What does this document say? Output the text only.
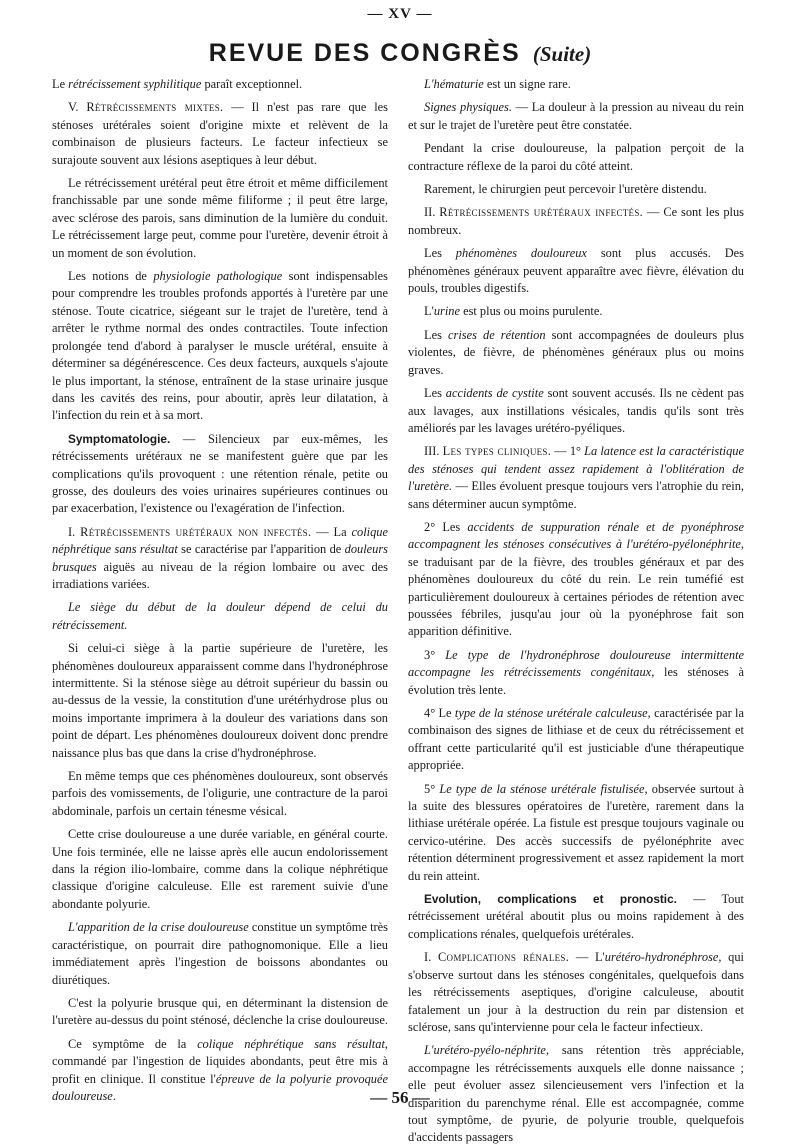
— XV —
REVUE DES CONGRÈS (Suite)

Le rétrécissement syphilitique paraît exceptionnel.

V. Rétrécissements mixtes. — Il n'est pas rare que les sténoses urétérales soient d'origine mixte et relèvent de la combinaison de plusieurs facteurs. Le facteur infectieux se surajoute souvent aux lésions aseptiques à leur début.

Le rétrécissement urétéral peut être étroit et même difficilement franchissable par une sonde même filiforme ; il peut être large, avec sclérose des parois, sans diminution de la lumière du conduit. Le rétrécissement large peut, comme pour l'uretère, devenir étroit à un moment de son évolution.

Les notions de physiologie pathologique sont indispensables pour comprendre les troubles profonds apportés à l'uretère par une sténose. Toute cicatrice, siégeant sur le trajet de l'uretère, tend à arrêter le rythme normal des ondes contractiles. Toute infection prolongée tend d'abord à paralyser le muscle urétéral, ensuite à déterminer sa dégénérescence. Ces deux facteurs, auxquels s'ajoute le plus important, la sténose, entraînent de la stase urinaire jusque dans les cavités des reins, pour aboutir, après leur dilatation, à l'infection du rein et à sa mort.

Symptomatologie. — Silencieux par eux-mêmes, les rétrécissements urétéraux ne se manifestent guère que par les complications qu'ils provoquent : une rétention rénale, petite ou grosse, des douleurs des voies urinaires supérieures continues ou par exacerbation, l'existence ou l'exagération de l'infection.

I. Rétrécissements urétéraux non infectés. — La colique néphrétique sans résultat se caractérise par l'apparition de douleurs brusques aiguës au niveau de la région lombaire ou avec des irradiations variées.

Le siège du début de la douleur dépend de celui du rétrécissement.

Si celui-ci siège à la partie supérieure de l'uretère, les phénomènes douloureux apparaissent comme dans l'hydronéphrose intermittente. Si la sténose siège au détroit supérieur du bassin ou au-dessus de la vessie, la constitution d'une urétérhydrose plus ou moins importante imprimera à la douleur des variations dans son point de départ. Les phénomènes douloureux doivent donc prendre naissance plus bas que dans la crise d'hydronéphrose.

En même temps que ces phénomènes douloureux, sont observés parfois des vomissements, de l'oligurie, une contracture de la paroi abdominale, parfois un certain ténesme vésical.

Cette crise douloureuse a une durée variable, en général courte. Une fois terminée, elle ne laisse après elle aucun endolorissement dans la région ilio-lombaire, comme dans la colique néphrétique classique d'origine calculeuse. Elle est rarement suivie d'une abondante polyurie.

L'apparition de la crise douloureuse constitue un symptôme très caractéristique, on pourrait dire pathognomonique. Elle a lieu immédiatement après l'ingestion de boissons abondantes ou diurétiques.

C'est la polyurie brusque qui, en déterminant la distension de l'uretère au-dessus du point sténosé, déclenche la crise douloureuse.

Ce symptôme de la colique néphrétique sans résultat, commandé par l'ingestion de liquides abondants, peut être mis à profit en clinique. Il constitue l'épreuve de la polyurie provoquée douloureuse.

L'hématurie est un signe rare.

Signes physiques. — La douleur à la pression au niveau du rein et sur le trajet de l'uretère peut être constatée.

Pendant la crise douloureuse, la palpation perçoit de la contracture réflexe de la paroi du côté atteint.

Rarement, le chirurgien peut percevoir l'uretère distendu.

II. Rétrécissements urétéraux infectés. — Ce sont les plus nombreux.

Les phénomènes douloureux sont plus accusés. Des phénomènes généraux peuvent apparaître avec fièvre, élévation du pouls, troubles digestifs.

L'urine est plus ou moins purulente.

Les crises de rétention sont accompagnées de douleurs plus violentes, de fièvre, de phénomènes généraux plus ou moins graves.

Les accidents de cystite sont souvent accusés. Ils ne cèdent pas aux lavages, aux instillations vésicales, tandis qu'ils sont très améliorés par les lavages urétéro-pyéliques.

III. Les types cliniques. — 1° La latence est la caractéristique des sténoses qui tendent assez rapidement à l'oblitération de l'uretère. — Elles évoluent presque toujours vers l'atrophie du rein, sans déterminer aucun symptôme.

2° Les accidents de suppuration rénale et de pyonéphrose accompagnent les sténoses consécutives à l'urétéro-pyélonéphrite, se traduisant par de la fièvre, des troubles généraux et par des phénomènes douloureux du côté du rein. Le rein tuméfié est particulièrement douloureux à certaines périodes de rétention avec poussées fébriles, jusqu'au jour où la pyonéphrose fait son apparition définitive.

3° Le type de l'hydronéphrose douloureuse intermittente accompagne les rétrécissements congénitaux, les sténoses à évolution très lente.

4° Le type de la sténose urétérale calculeuse, caractérisée par la combinaison des signes de lithiase et de ceux du rétrécissement et offrant cette particularité qu'il est justiciable d'une thérapeutique appropriée.

5° Le type de la sténose urétérale fistulisée, observée surtout à la suite des blessures opératoires de l'uretère, rarement dans la lithiase urétérale opérée. La fistule est presque toujours vaginale ou cervico-utérine. Des accès successifs de pyélonéphrite avec rétention déterminent progressivement et assez rapidement la mort du rein atteint.

Evolution, complications et pronostic. — Tout rétrécissement urétéral aboutit plus ou moins rapidement à des complications rénales, quelquefois urétérales.

I. Complications rénales. — L'urétéro-hydronéphrose, qui s'observe surtout dans les sténoses congénitales, quelquefois dans les rétrécissements aseptiques, d'origine calculeuse, aboutit fatalement un jour à la destruction du rein par distension et sclérose, sans qu'intervienne pour cela le facteur infectieux.

L'urétéro-pyélo-néphrite, sans rétention très appréciable, accompagne les rétrécissements auxquels elle donne naissance ; elle peut évoluer assez silencieusement vers l'infection et la disparition du parenchyme rénal. Elle est accompagnée, comme tout symptôme, de pyurie, de polyurie trouble, quelquefois d'accidents passagers

— 56 —
